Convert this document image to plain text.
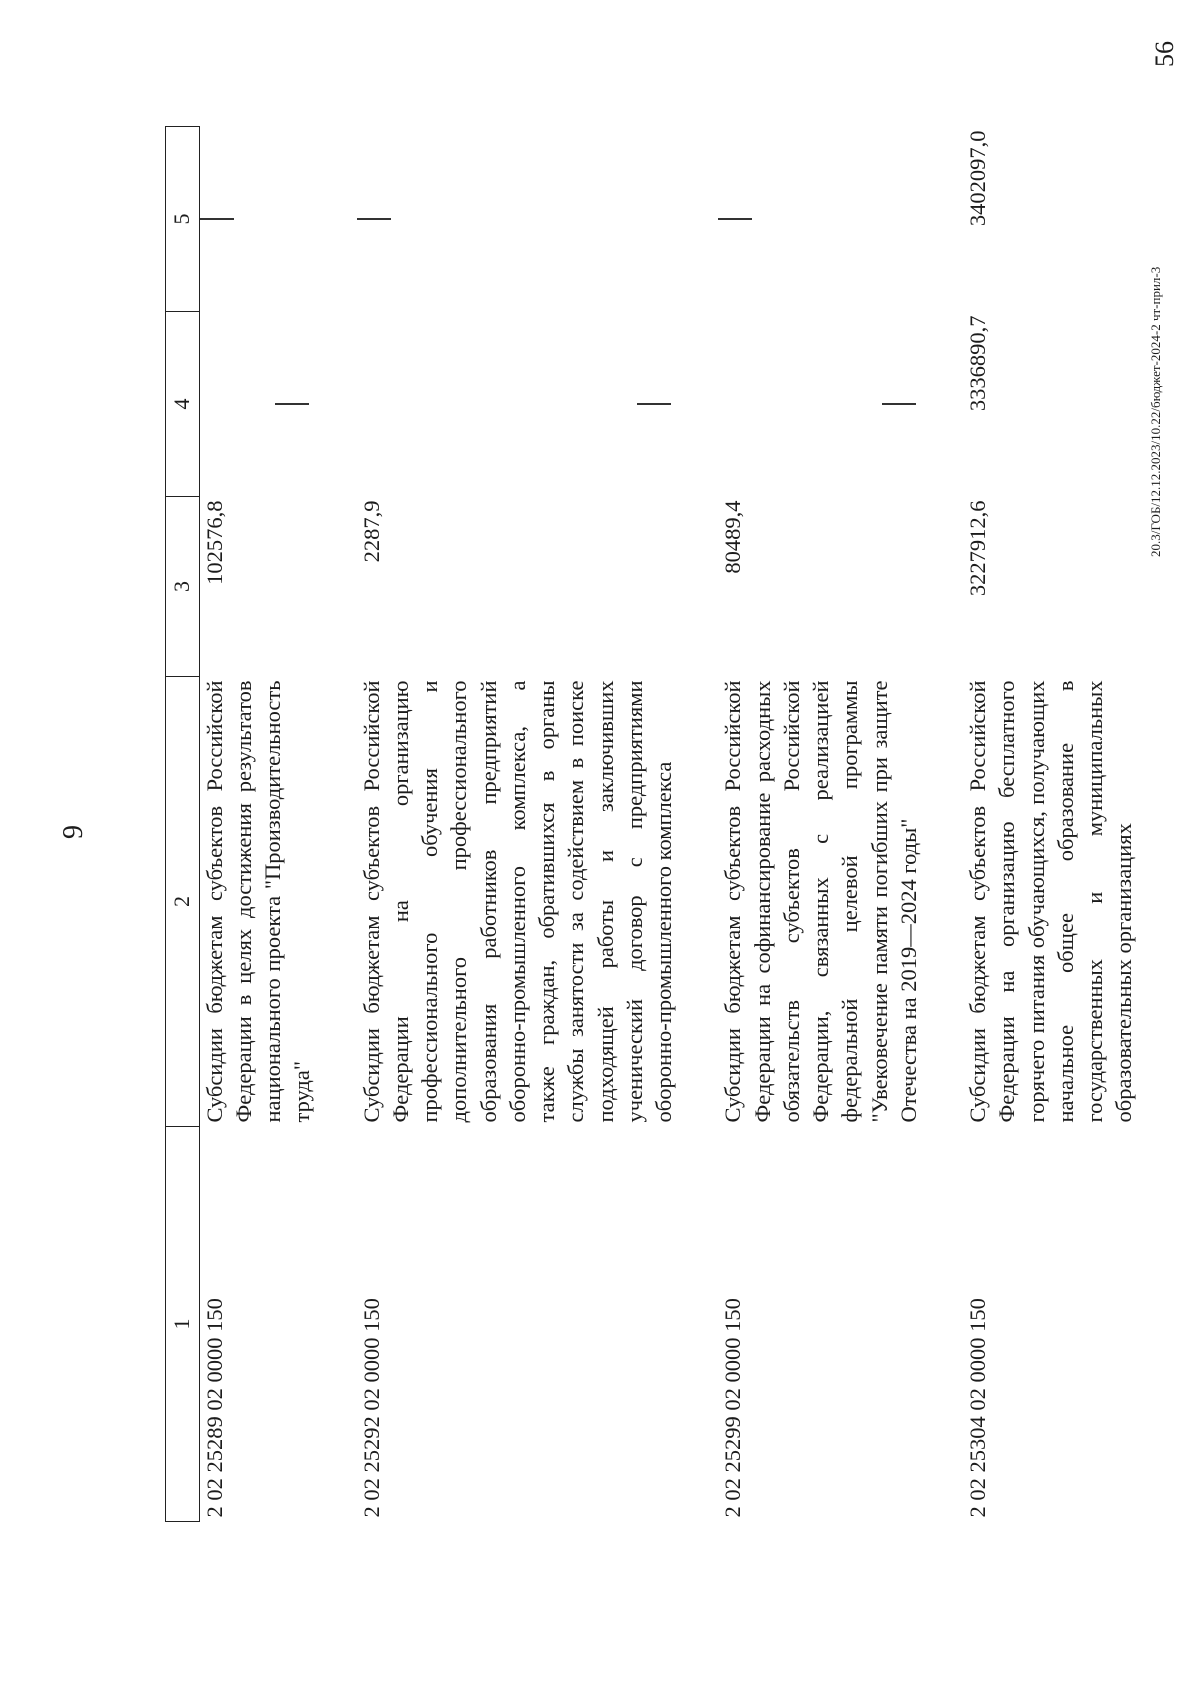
9
1	2	3	4	5
2 02 25289 02 0000 150	Субсидии бюджетам субъектов Российской Федерации в целях достижения результатов национального проекта "Производительность труда"	102576,8		

2 02 25292 02 0000 150	Субсидии бюджетам субъектов Российской Федерации на организацию профессионального обучения и дополнительного профессионального образования работников предприятий оборонно-промышленного комплекса, а также граждан, обратившихся в органы службы занятости за содействием в поиске подходящей работы и заключивших ученический договор с предприятиями оборонно-промышленного комплекса	2287,9		

2 02 25299 02 0000 150	Субсидии бюджетам субъектов Российской Федерации на софинансирование расходных обязательств субъектов Российской Федерации, связанных с реализацией федеральной целевой программы "Увековечение памяти погибших при защите Отечества на 2019—2024 годы"	80489,4		

2 02 25304 02 0000 150	Субсидии бюджетам субъектов Российской Федерации на организацию бесплатного горячего питания обучающихся, получающих начальное общее образование в государственных и муниципальных образовательных организациях	3227912,6	3336890,7	3402097,0
20.3/ГОБ/12.12.2023/10.22/бюджет-2024-2 чт-прил-3
56
